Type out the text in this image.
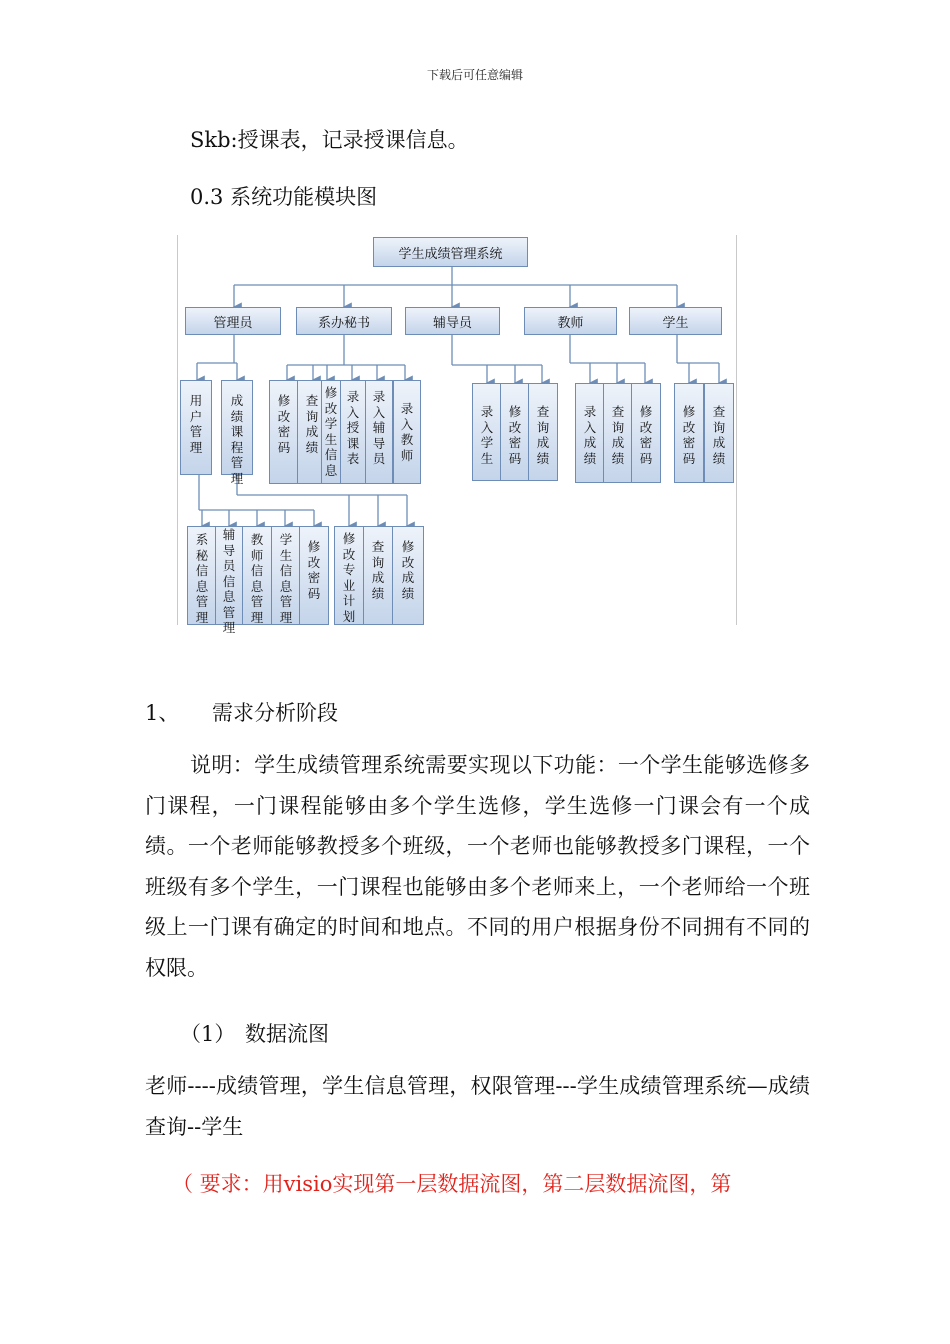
下载后可任意编辑
Skb:授课表，记录授课信息。
0.3 系统功能模块图
学生成绩管理系统
管理员	系办秘书	辅导员	教师	学生
用户管理
成绩课程管理
修改密码
查询成绩
修改学生信息
录入授课表
录入辅导员
录入教师
录入学生
修改密码
查询成绩
录入成绩
查询成绩
修改密码
修改密码
查询成绩
系秘信息管理
辅导员信息管理
教师信息管理
学生信息管理
修改密码
修改专业计划
查询成绩
修改成绩
1、 需求分析阶段
说明：学生成绩管理系统需要实现以下功能：一个学生能够选修多门课程，一门课程能够由多个学生选修，学生选修一门课会有一个成绩。一个老师能够教授多个班级，一个老师也能够教授多门课程，一个班级有多个学生，一门课程也能够由多个老师来上，一个老师给一个班级上一门课有确定的时间和地点。不同的用户根据身份不同拥有不同的权限。
（1） 数据流图
老师----成绩管理，学生信息管理，权限管理---学生成绩管理系统—成绩查询--学生
（ 要求：用visio实现第一层数据流图，第二层数据流图，第
